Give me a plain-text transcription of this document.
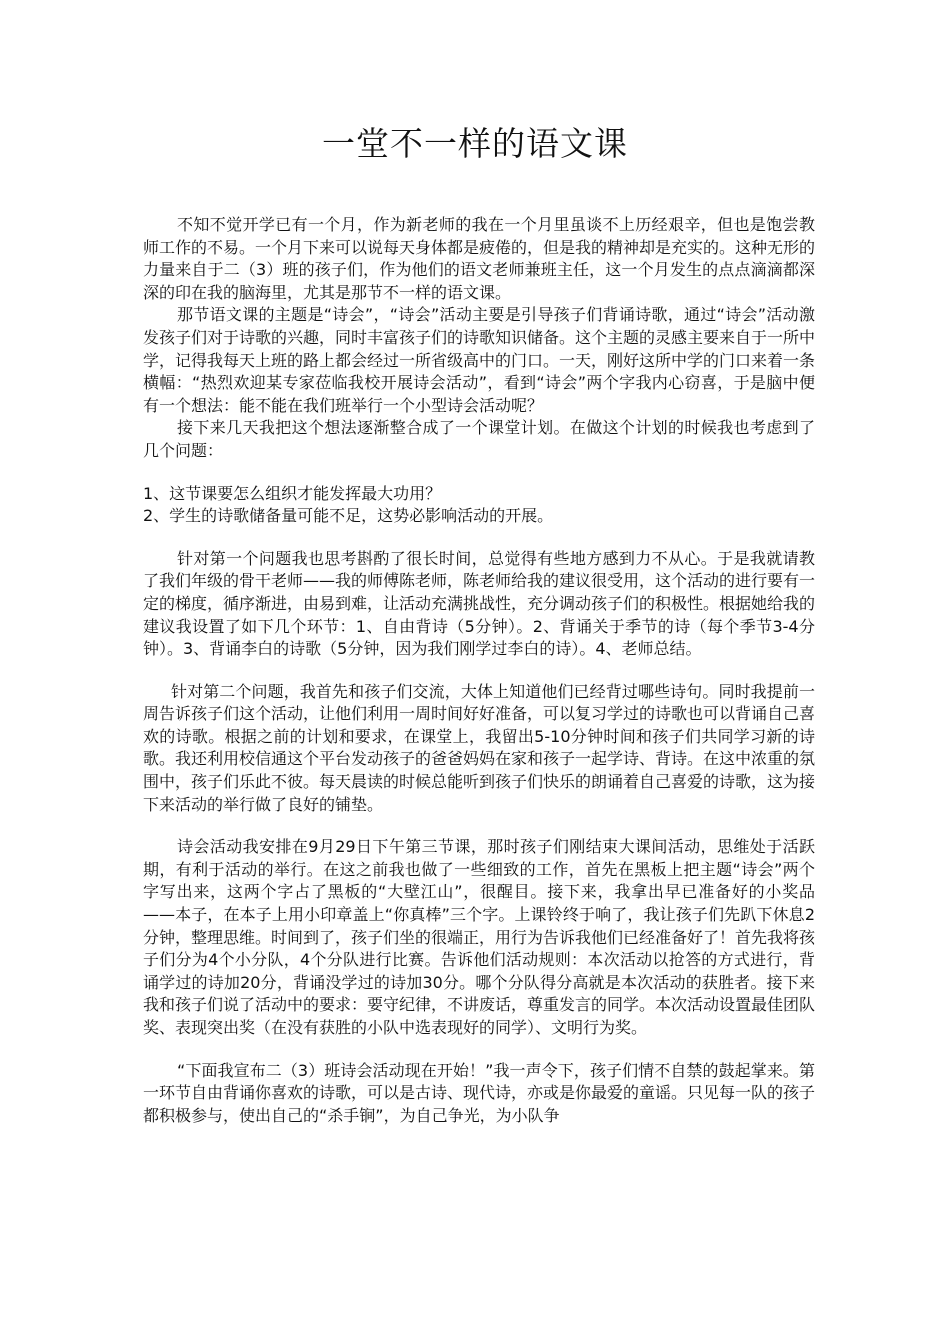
一堂不一样的语文课

不知不觉开学已有一个月，作为新老师的我在一个月里虽谈不上历经艰辛，但也是饱尝教师工作的不易。一个月下来可以说每天身体都是疲倦的，但是我的精神却是充实的。这种无形的力量来自于二（3）班的孩子们，作为他们的语文老师兼班主任，这一个月发生的点点滴滴都深深的印在我的脑海里，尤其是那节不一样的语文课。

那节语文课的主题是“诗会”，“诗会”活动主要是引导孩子们背诵诗歌，通过“诗会”活动激发孩子们对于诗歌的兴趣，同时丰富孩子们的诗歌知识储备。这个主题的灵感主要来自于一所中学，记得我每天上班的路上都会经过一所省级高中的门口。一天，刚好这所中学的门口来着一条横幅：“热烈欢迎某专家莅临我校开展诗会活动”，看到“诗会”两个字我内心窃喜，于是脑中便有一个想法：能不能在我们班举行一个小型诗会活动呢？

接下来几天我把这个想法逐渐整合成了一个课堂计划。在做这个计划的时候我也考虑到了几个问题：

1、这节课要怎么组织才能发挥最大功用？

2、学生的诗歌储备量可能不足，这势必影响活动的开展。

针对第一个问题我也思考斟酌了很长时间，总觉得有些地方感到力不从心。于是我就请教了我们年级的骨干老师——我的师傅陈老师，陈老师给我的建议很受用，这个活动的进行要有一定的梯度，循序渐进，由易到难，让活动充满挑战性，充分调动孩子们的积极性。根据她给我的建议我设置了如下几个环节：1、自由背诗（5分钟）。2、背诵关于季节的诗（每个季节3-4分钟）。3、背诵李白的诗歌（5分钟，因为我们刚学过李白的诗）。4、老师总结。

针对第二个问题，我首先和孩子们交流，大体上知道他们已经背过哪些诗句。同时我提前一周告诉孩子们这个活动，让他们利用一周时间好好准备，可以复习学过的诗歌也可以背诵自己喜欢的诗歌。根据之前的计划和要求，在课堂上，我留出5-10分钟时间和孩子们共同学习新的诗歌。我还利用校信通这个平台发动孩子的爸爸妈妈在家和孩子一起学诗、背诗。在这中浓重的氛围中，孩子们乐此不彼。每天晨读的时候总能听到孩子们快乐的朗诵着自己喜爱的诗歌，这为接下来活动的举行做了良好的铺垫。

诗会活动我安排在9月29日下午第三节课，那时孩子们刚结束大课间活动，思维处于活跃期，有利于活动的举行。在这之前我也做了一些细致的工作，首先在黑板上把主题“诗会”两个字写出来，这两个字占了黑板的“大壁江山”，很醒目。接下来，我拿出早已准备好的小奖品——本子，在本子上用小印章盖上“你真棒”三个字。上课铃终于响了，我让孩子们先趴下休息2分钟，整理思维。时间到了，孩子们坐的很端正，用行为告诉我他们已经准备好了！首先我将孩子们分为4个小分队，4个分队进行比赛。告诉他们活动规则：本次活动以抢答的方式进行，背诵学过的诗加20分，背诵没学过的诗加30分。哪个分队得分高就是本次活动的获胜者。接下来我和孩子们说了活动中的要求：要守纪律，不讲废话，尊重发言的同学。本次活动设置最佳团队奖、表现突出奖（在没有获胜的小队中选表现好的同学）、文明行为奖。

“下面我宣布二（3）班诗会活动现在开始！”我一声令下，孩子们情不自禁的鼓起掌来。第一环节自由背诵你喜欢的诗歌，可以是古诗、现代诗，亦或是你最爱的童谣。只见每一队的孩子都积极参与，使出自己的“杀手锏”，为自己争光，为小队争
